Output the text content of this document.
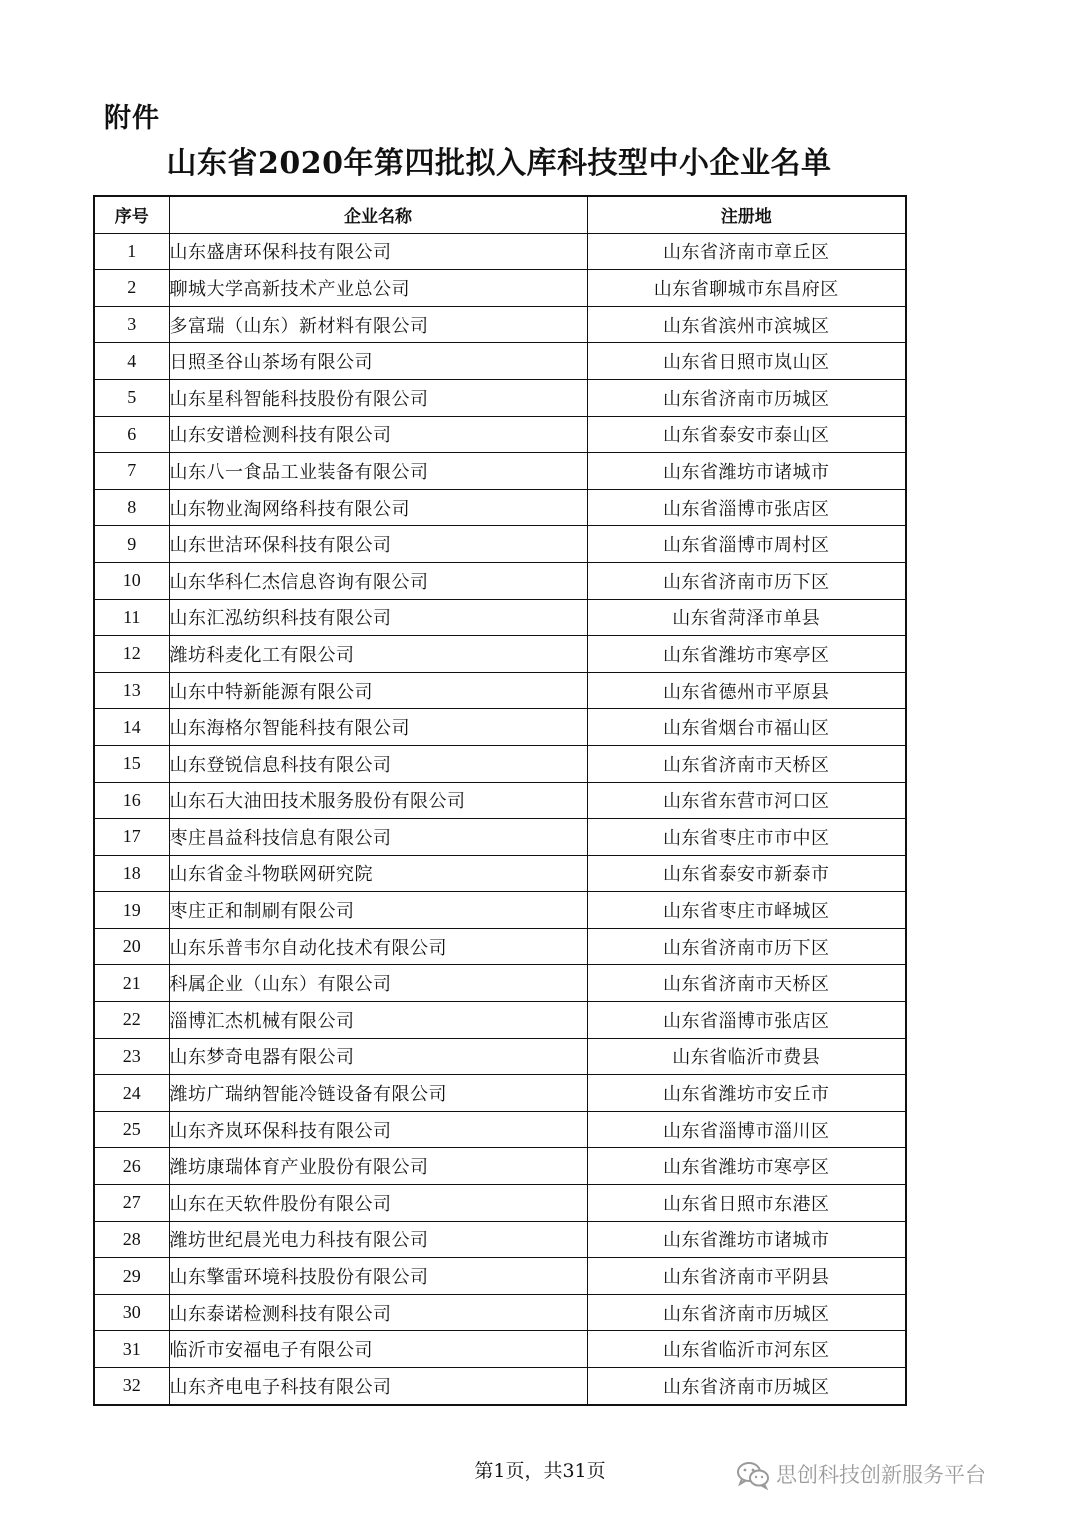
附件
山东省2020年第四批拟入库科技型中小企业名单
序号	企业名称	注册地
1	山东盛唐环保科技有限公司	山东省济南市章丘区
2	聊城大学高新技术产业总公司	山东省聊城市东昌府区
3	多富瑞（山东）新材料有限公司	山东省滨州市滨城区
4	日照圣谷山茶场有限公司	山东省日照市岚山区
5	山东星科智能科技股份有限公司	山东省济南市历城区
6	山东安谱检测科技有限公司	山东省泰安市泰山区
7	山东八一食品工业装备有限公司	山东省潍坊市诸城市
8	山东物业淘网络科技有限公司	山东省淄博市张店区
9	山东世洁环保科技有限公司	山东省淄博市周村区
10	山东华科仁杰信息咨询有限公司	山东省济南市历下区
11	山东汇泓纺织科技有限公司	山东省菏泽市单县
12	潍坊科麦化工有限公司	山东省潍坊市寒亭区
13	山东中特新能源有限公司	山东省德州市平原县
14	山东海格尔智能科技有限公司	山东省烟台市福山区
15	山东登锐信息科技有限公司	山东省济南市天桥区
16	山东石大油田技术服务股份有限公司	山东省东营市河口区
17	枣庄昌益科技信息有限公司	山东省枣庄市市中区
18	山东省金斗物联网研究院	山东省泰安市新泰市
19	枣庄正和制刷有限公司	山东省枣庄市峄城区
20	山东乐普韦尔自动化技术有限公司	山东省济南市历下区
21	科属企业（山东）有限公司	山东省济南市天桥区
22	淄博汇杰机械有限公司	山东省淄博市张店区
23	山东梦奇电器有限公司	山东省临沂市费县
24	潍坊广瑞纳智能冷链设备有限公司	山东省潍坊市安丘市
25	山东齐岚环保科技有限公司	山东省淄博市淄川区
26	潍坊康瑞体育产业股份有限公司	山东省潍坊市寒亭区
27	山东在天软件股份有限公司	山东省日照市东港区
28	潍坊世纪晨光电力科技有限公司	山东省潍坊市诸城市
29	山东擎雷环境科技股份有限公司	山东省济南市平阴县
30	山东泰诺检测科技有限公司	山东省济南市历城区
31	临沂市安福电子有限公司	山东省临沂市河东区
32	山东齐电电子科技有限公司	山东省济南市历城区
第1页，共31页	思创科技创新服务平台
